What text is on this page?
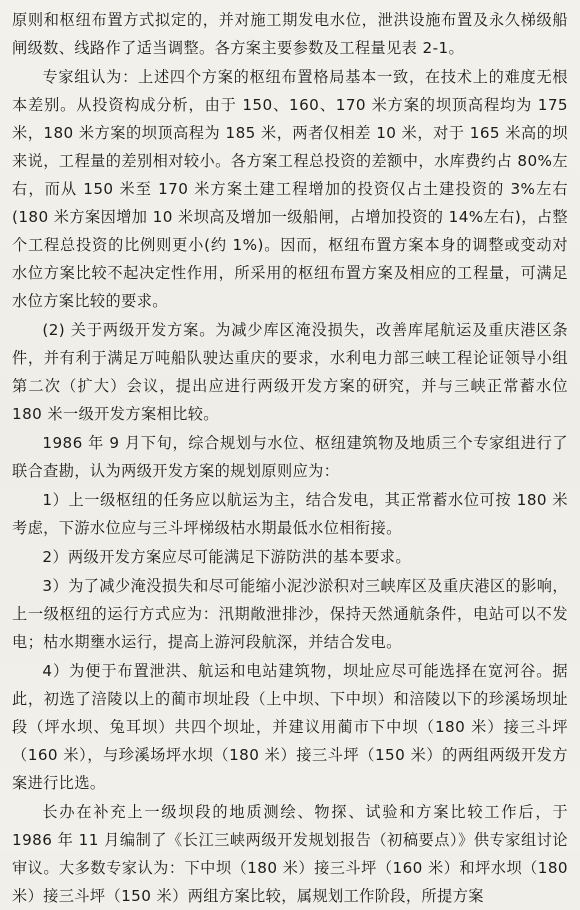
原则和枢纽布置方式拟定的，并对施工期发电水位，泄洪设施布置及永久梯级船闸级数、线路作了适当调整。各方案主要参数及工程量见表 2-1。

专家组认为：上述四个方案的枢纽布置格局基本一致，在技术上的难度无根本差别。从投资构成分析，由于 150、160、170 米方案的坝顶高程均为 175 米，180 米方案的坝顶高程为 185 米，两者仅相差 10 米，对于 165 米高的坝来说，工程量的差别相对较小。各方案工程总投资的差额中，水库费约占 80%左右，而从 150 米至 170 米方案土建工程增加的投资仅占土建投资的 3%左右(180 米方案因增加 10 米坝高及增加一级船闸，占增加投资的 14%左右)，占整个工程总投资的比例则更小(约 1%)。因而，枢纽布置方案本身的调整或变动对水位方案比较不起决定性作用，所采用的枢纽布置方案及相应的工程量，可满足水位方案比较的要求。

(2) 关于两级开发方案。为减少库区淹没损失，改善库尾航运及重庆港区条件，并有利于满足万吨船队驶达重庆的要求，水利电力部三峡工程论证领导小组第二次（扩大）会议，提出应进行两级开发方案的研究，并与三峡正常蓄水位 180 米一级开发方案相比较。

1986 年 9 月下旬，综合规划与水位、枢纽建筑物及地质三个专家组进行了联合查勘，认为两级开发方案的规划原则应为：

1）上一级枢纽的任务应以航运为主，结合发电，其正常蓄水位可按 180 米考虑，下游水位应与三斗坪梯级枯水期最低水位相衔接。

2）两级开发方案应尽可能满足下游防洪的基本要求。

3）为了减少淹没损失和尽可能缩小泥沙淤积对三峡库区及重庆港区的影响，上一级枢纽的运行方式应为：汛期敞泄排沙，保持天然通航条件，电站可以不发电；枯水期壅水运行，提高上游河段航深，并结合发电。

4）为便于布置泄洪、航运和电站建筑物，坝址应尽可能选择在宽河谷。据此，初选了涪陵以上的蔺市坝址段（上中坝、下中坝）和涪陵以下的珍溪场坝址段（坪水坝、兔耳坝）共四个坝址，并建议用蔺市下中坝（180 米）接三斗坪（160 米），与珍溪场坪水坝（180 米）接三斗坪（150 米）的两组两级开发方案进行比选。

长办在补充上一级坝段的地质测绘、物探、试验和方案比较工作后，于 1986 年 11 月编制了《长江三峡两级开发规划报告（初稿要点）》供专家组讨论审议。大多数专家认为：下中坝（180 米）接三斗坪（160 米）和坪水坝（180 米）接三斗坪（150 米）两组方案比较，属规划工作阶段，所提方案
